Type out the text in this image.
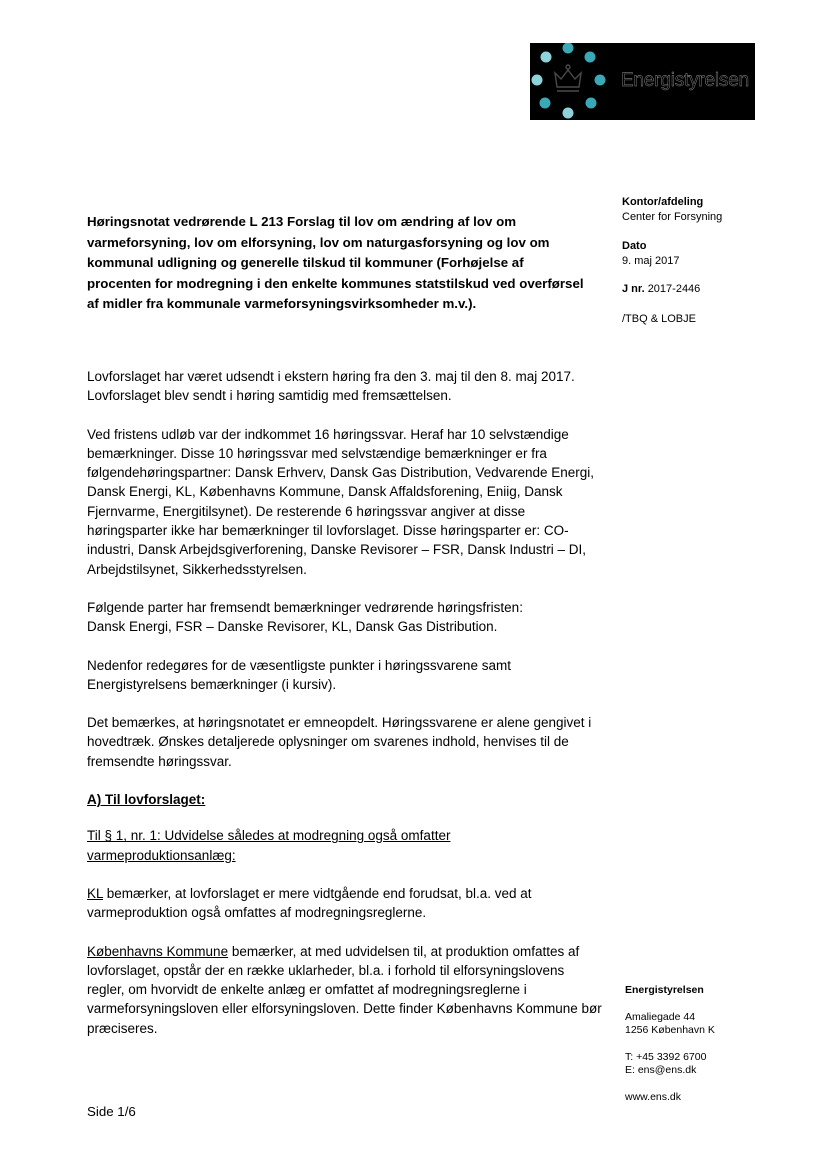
Energistyrelsen
Kontor/afdeling
Center for Forsyning
Dato
9. maj 2017
J nr. 2017-2446
/TBQ & LOBJE
Høringsnotat vedrørende L 213 Forslag til lov om ændring af lov om varmeforsyning, lov om elforsyning, lov om naturgasforsyning og lov om kommunal udligning og generelle tilskud til kommuner (Forhøjelse af procenten for modregning i den enkelte kommunes statstilskud ved overførsel af midler fra kommunale varmeforsyningsvirksomheder m.v.).

Lovforslaget har været udsendt i ekstern høring fra den 3. maj til den 8. maj 2017. Lovforslaget blev sendt i høring samtidig med fremsættelsen.

Ved fristens udløb var der indkommet 16 høringssvar. Heraf har 10 selvstændige bemærkninger. Disse 10 høringssvar med selvstændige bemærkninger er fra følgendehøringspartner: Dansk Erhverv, Dansk Gas Distribution, Vedvarende Energi, Dansk Energi, KL, Københavns Kommune, Dansk Affaldsforening, Eniig, Dansk Fjernvarme, Energitilsynet). De resterende 6 høringssvar angiver at disse høringsparter ikke har bemærkninger til lovforslaget. Disse høringsparter er: CO-industri, Dansk Arbejdsgiverforening, Danske Revisorer – FSR, Dansk Industri – DI, Arbejdstilsynet, Sikkerhedsstyrelsen.

Følgende parter har fremsendt bemærkninger vedrørende høringsfristen:
Dansk Energi, FSR – Danske Revisorer, KL, Dansk Gas Distribution.

Nedenfor redegøres for de væsentligste punkter i høringssvarene samt Energistyrelsens bemærkninger (i kursiv).

Det bemærkes, at høringsnotatet er emneopdelt. Høringssvarene er alene gengivet i hovedtræk. Ønskes detaljerede oplysninger om svarenes indhold, henvises til de fremsendte høringssvar.

A) Til lovforslaget:

Til § 1, nr. 1: Udvidelse således at modregning også omfatter varmeproduktionsanlæg:

KL bemærker, at lovforslaget er mere vidtgående end forudsat, bl.a. ved at varmeproduktion også omfattes af modregningsreglerne.

Københavns Kommune bemærker, at med udvidelsen til, at produktion omfattes af lovforslaget, opstår der en række uklarheder, bl.a. i forhold til elforsyningslovens regler, om hvorvidt de enkelte anlæg er omfattet af modregningsreglerne i varmeforsyningsloven eller elforsyningsloven. Dette finder Københavns Kommune bør præciseres.

Energistyrelsen
Amaliegade 44
1256 København K
T: +45 3392 6700
E: ens@ens.dk
www.ens.dk
Side 1/6
